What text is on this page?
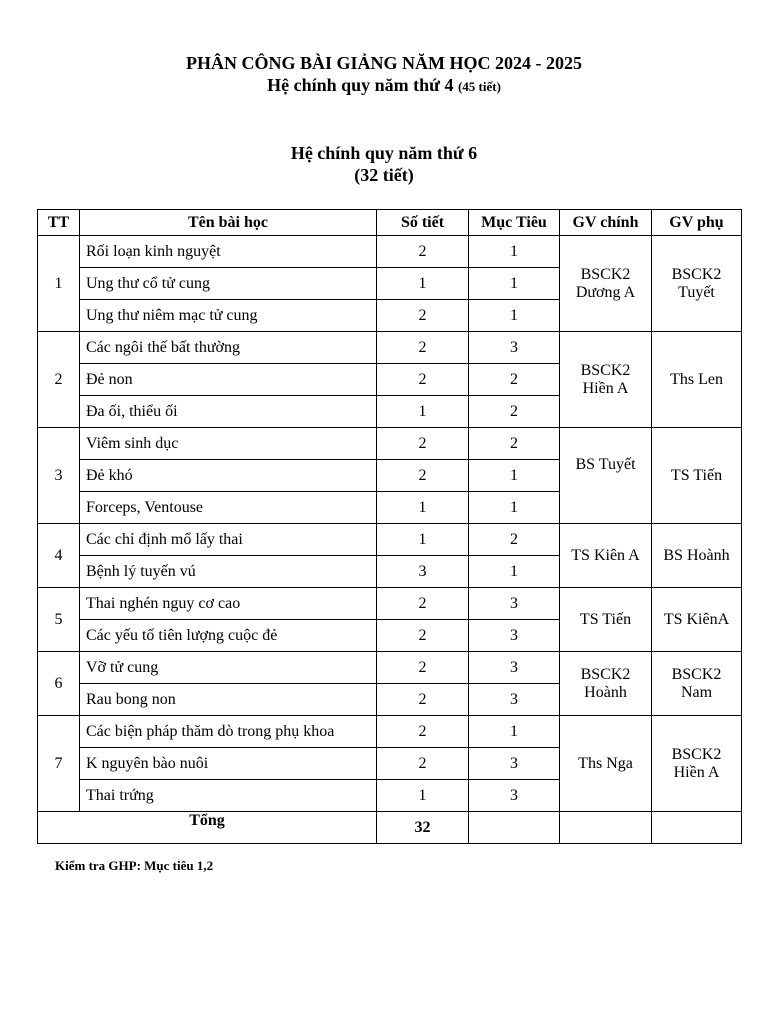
PHÂN CÔNG BÀI GIẢNG NĂM HỌC 2024 - 2025
Hệ chính quy năm thứ 4 (45 tiết)
Hệ chính quy năm thứ 6
(32 tiết)
TT	Tên bài học	Số tiết	Mục Tiêu	GV chính	GV phụ
1	Rối loạn kinh nguyệt	2	1	BSCK2 Dương A	BSCK2 Tuyết
	Ung thư cổ tử cung	1	1		
	Ung thư niêm mạc tử cung	2	1		
2	Các ngôi thế bất thường	2	3	BSCK2 Hiền A	Ths Len
	Đẻ non	2	2		
	Đa ối, thiểu ối	1	2		
3	Viêm sinh dục	2	2	BS Tuyết	TS Tiến
	Đẻ khó	2	1		
	Forceps, Ventouse	1	1		
4	Các chỉ định mổ lấy thai	1	2	TS Kiên A	BS Hoành
	Bệnh lý tuyến vú	3	1		
5	Thai nghén nguy cơ cao	2	3	TS Tiến	TS KiênA
	Các yếu tố tiên lượng cuộc đẻ	2	3		
6	Vỡ tử cung	2	3	BSCK2 Hoành	BSCK2 Nam
	Rau bong non	2	3		
7	Các biện pháp thăm dò trong phụ khoa	2	1	Ths Nga	BSCK2 Hiền A
	K nguyên bào nuôi	2	3		
	Thai trứng	1	3		
Tổng		32			
Kiểm tra GHP: Mục tiêu 1,2
